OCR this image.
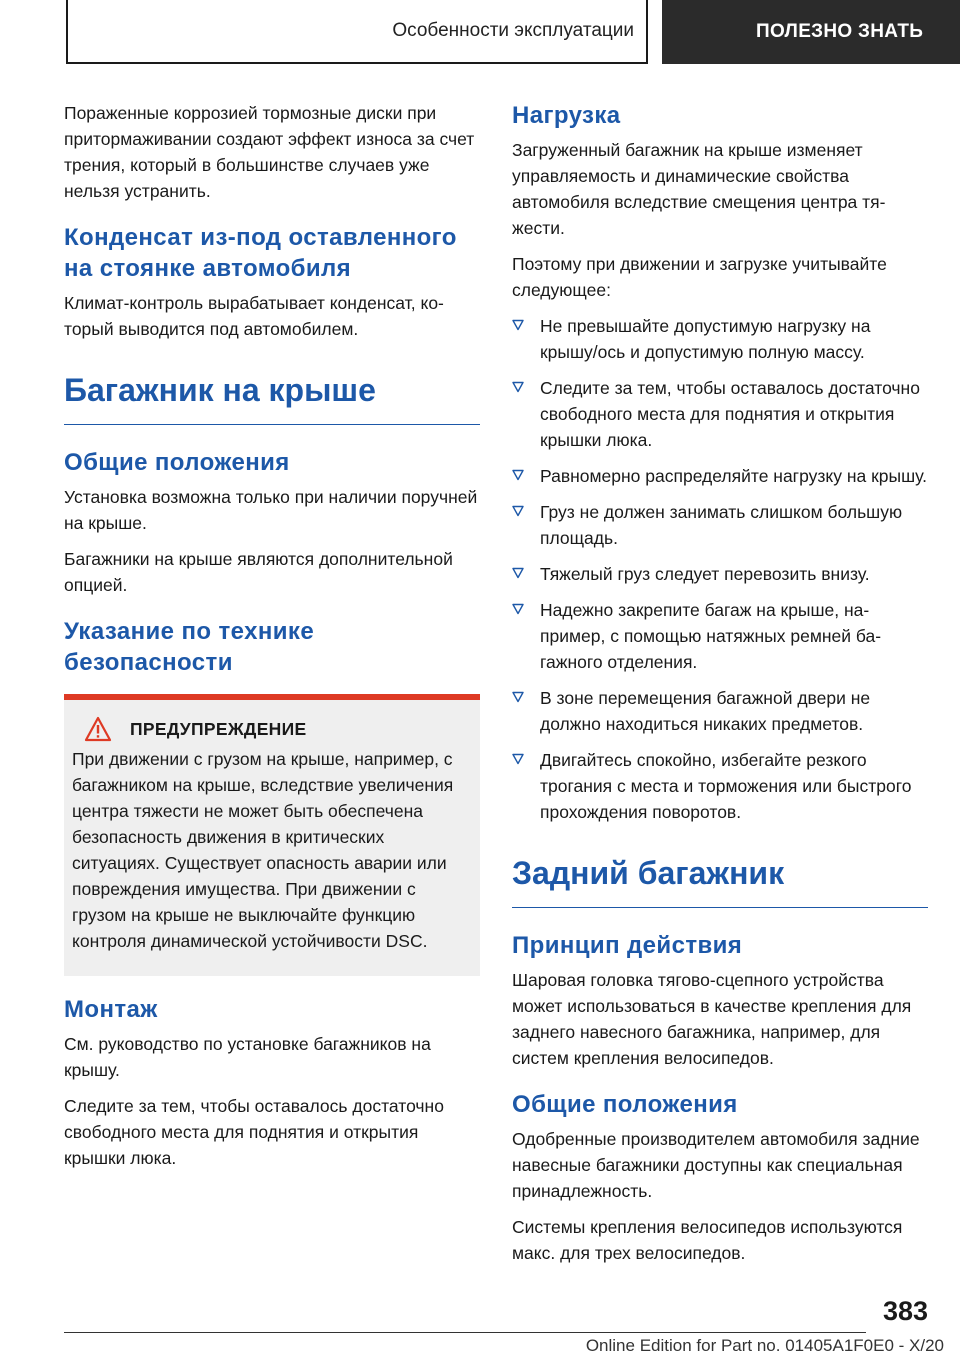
Особенности эксплуатации	ПОЛЕЗНО ЗНАТЬ

Пораженные коррозией тормозные диски при притормаживании создают эффект износа за счет трения, который в большинстве случаев уже нельзя устранить.

Конденсат из-под оставленного на стоянке автомобиля

Климат-контроль вырабатывает конденсат, который выводится под автомобилем.

Багажник на крыше
Общие положения

Установка возможна только при наличии поручней на крыше.

Багажники на крыше являются дополнительной опцией.

Указание по технике безопасности
ПРЕДУПРЕЖДЕНИЕ

При движении с грузом на крыше, например, с багажником на крыше, вследствие увеличения центра тяжести не может быть обеспечена безопасность движения в критических ситуациях. Существует опасность аварии или повреждения имущества. При движении с грузом на крыше не выключайте функцию контроля динамической устойчивости DSC.

Монтаж

См. руководство по установке багажников на крышу.

Следите за тем, чтобы оставалось достаточно свободного места для поднятия и открытия крышки люка.

Нагрузка

Загруженный багажник на крыше изменяет управляемость и динамические свойства автомобиля вследствие смещения центра тяжести.

Поэтому при движении и загрузке учитывайте следующее:

Не превышайте допустимую нагрузку на крышу/ось и допустимую полную массу.
Следите за тем, чтобы оставалось достаточно свободного места для поднятия и открытия крышки люка.
Равномерно распределяйте нагрузку на крышу.
Груз не должен занимать слишком большую площадь.
Тяжелый груз следует перевозить внизу.
Надежно закрепите багаж на крыше, например, с помощью натяжных ремней багажного отделения.
В зоне перемещения багажной двери не должно находиться никаких предметов.
Двигайтесь спокойно, избегайте резкого трогания с места и торможения или быстрого прохождения поворотов.
Задний багажник
Принцип действия

Шаровая головка тягово-сцепного устройства может использоваться в качестве крепления для заднего навесного багажника, например, для систем крепления велосипедов.

Общие положения

Одобренные производителем автомобиля задние навесные багажники доступны как специальная принадлежность.

Системы крепления велосипедов используются макс. для трех велосипедов.

383
Online Edition for Part no. 01405A1F0E0 - X/20
